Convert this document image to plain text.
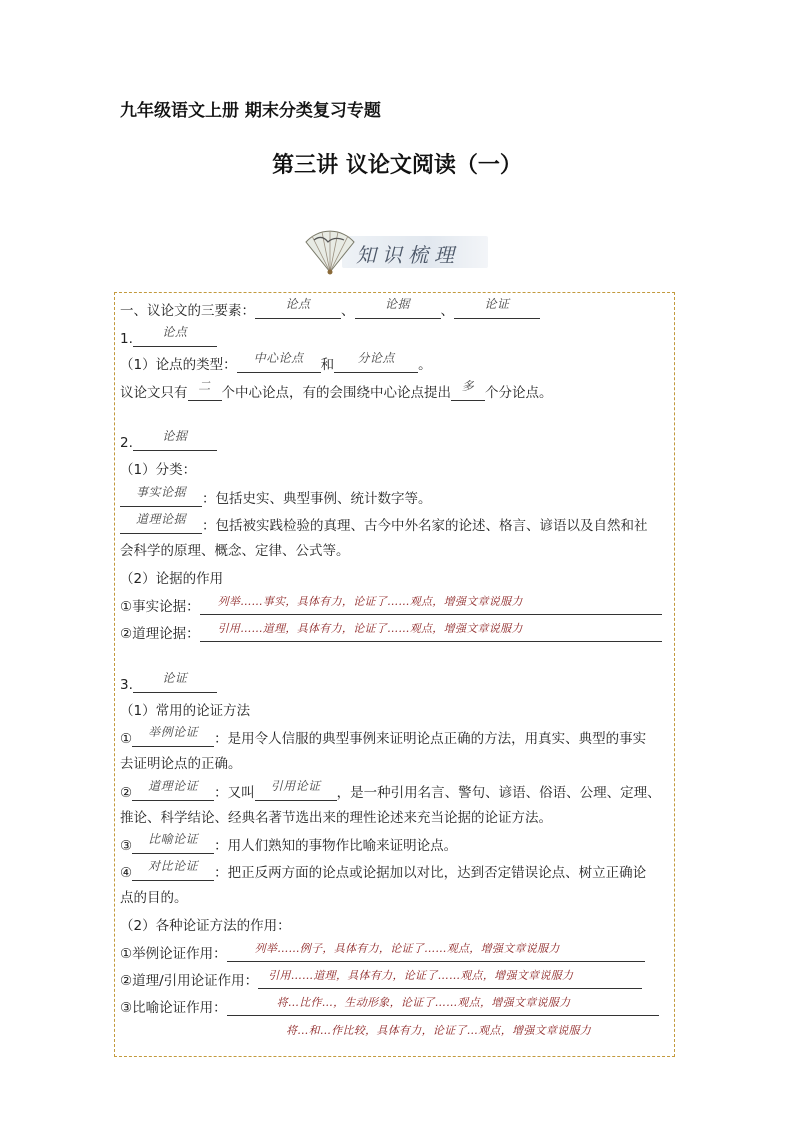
九年级语文上册 期末分类复习专题
第三讲 议论文阅读（一）
知识梳理
一、议论文的三要素：	论点 、	论据 、	论证
1. 论点
（1）论点的类型： 中心论点 和 分论点 。
议论文只有 二 个中心论点，有的会围绕中心论点提出 多 个分论点。
2. 论据
（1）分类：
事实论据 ：包括史实、典型事例、统计数字等。
道理论据 ：包括被实践检验的真理、古今中外名家的论述、格言、谚语以及自然和社
会科学的原理、概念、定律、公式等。
（2）论据的作用
①事实论据： $^{列举\dots\dots 事实,具体有力,论证了\dots\dots 观点,增强文章说服力}$
②道理论据： $^{引用\dots\dots 道理,具体有力,论证了\dots\dots 观点,增强文章说服力}$
3. 论证
（1）常用的论证方法
① 举例论证 ：是用令人信服的典型事例来证明论点正确的方法，用真实、典型的事实
去证明论点的正确。
② 道理论证 ：又叫 引用论证 ，是一种引用名言、警句、谚语、俗语、公理、定理、
推论、科学结论、经典名著节选出来的理性论述来充当论据的论证方法。
③ 比喻论证 ：用人们熟知的事物作比喻来证明论点。
④ 对比论证 ：把正反两方面的论点或论据加以对比，达到否定错误论点、树立正确论
点的目的。
（2）各种论证方法的作用：
①举例论证作用：	$^{列举\dots\dots 例子,具体有力,论证了\dots\dots 观点,增强文章说服力}$
②道理/引用论证作用： $^{引用\dots\dots 道理,具体有力,论证了\dots\dots 观点,增强文章说服力}$
③比喻论证作用：	$^{将\dots 比作\dots,生动形象,论证了\dots\dots 观点,增强文章说服力}$
将…和…作比较，具体有力，论证了…观点，增强文章说服力
